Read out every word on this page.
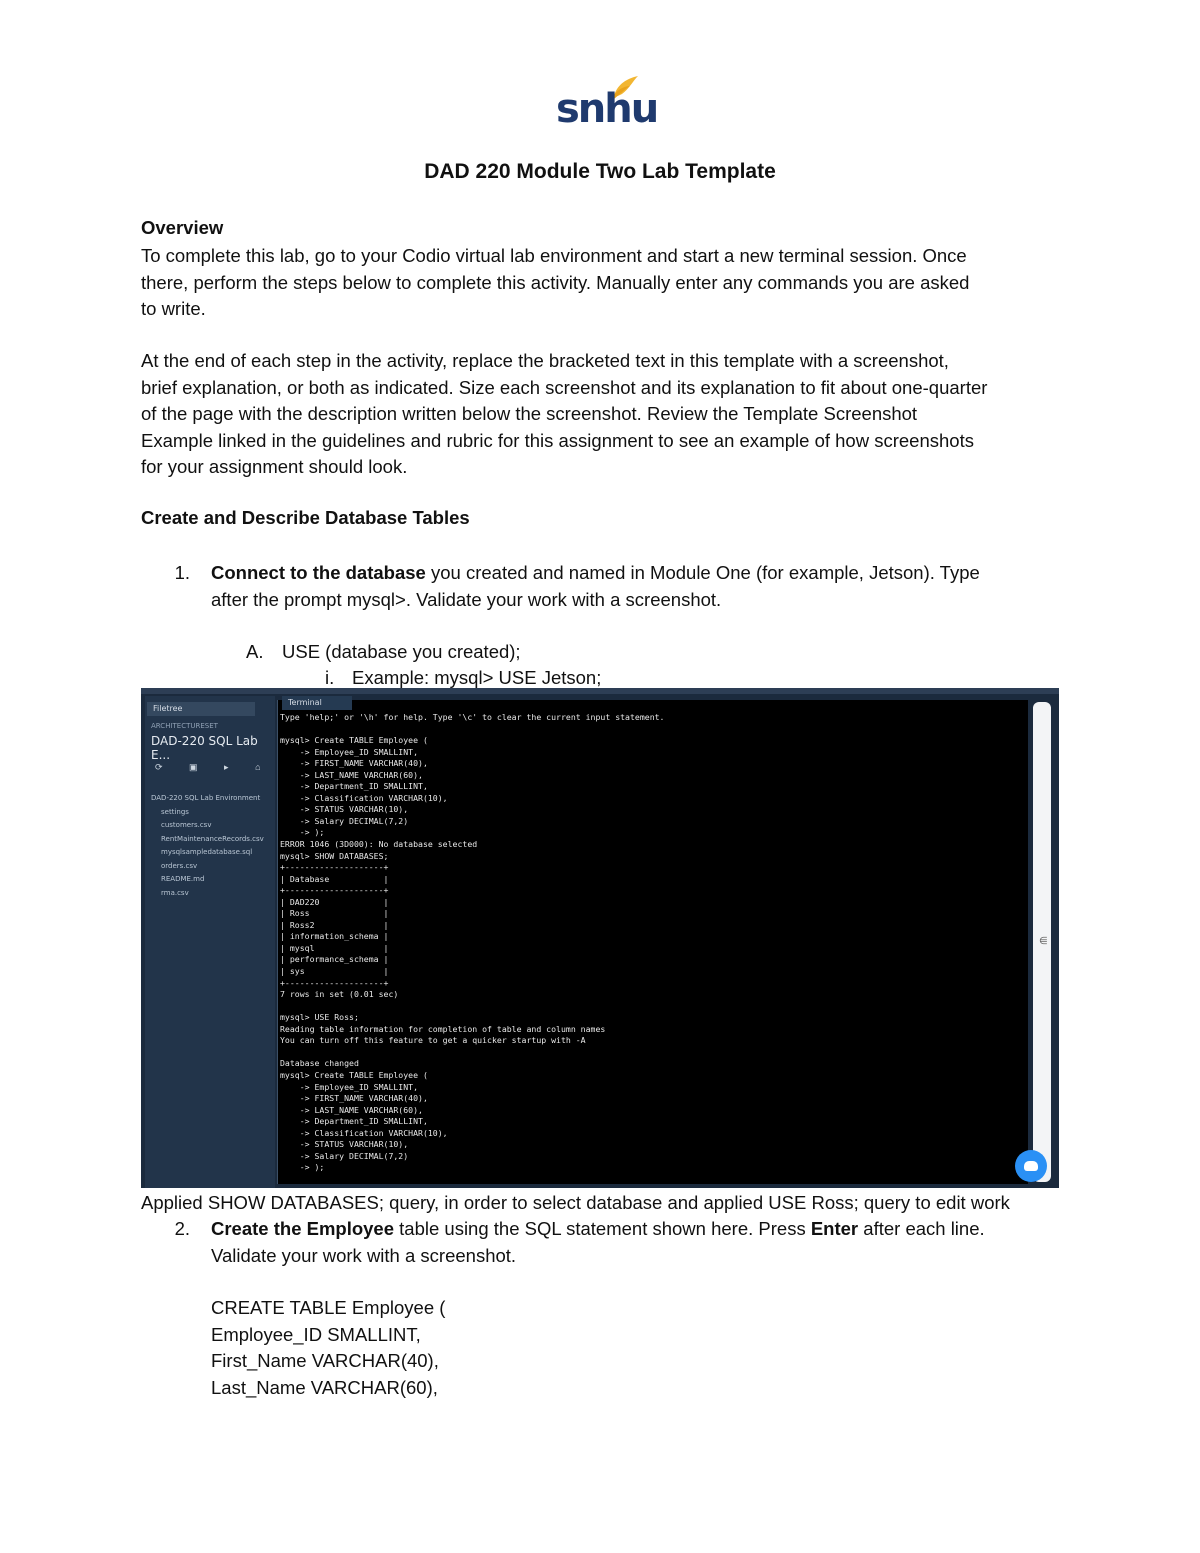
snhu
DAD 220 Module Two Lab Template
Overview
To complete this lab, go to your Codio virtual lab environment and start a new terminal session. Once
there, perform the steps below to complete this activity. Manually enter any commands you are asked
to write.
At the end of each step in the activity, replace the bracketed text in this template with a screenshot,
brief explanation, or both as indicated. Size each screenshot and its explanation to fit about one-quarter
of the page with the description written below the screenshot. Review the Template Screenshot
Example linked in the guidelines and rubric for this assignment to see an example of how screenshots
for your assignment should look.
Create and Describe Database Tables
1. Connect to the database you created and named in Module One (for example, Jetson). Type
after the prompt mysql>. Validate your work with a screenshot.
A. USE (database you created);
i. Example: mysql> USE Jetson;
Filetree
ARCHITECTURESET
DAD-220 SQL Lab E...
⟳ ▣ ▸ ⌂
DAD-220 SQL Lab Environment
settings
customers.csv
RentMaintenanceRecords.csv
mysqlsampledatabase.sql
orders.csv
README.md
rma.csv
Terminal
Type 'help;' or '\h' for help. Type '\c' to clear the current input statement.

mysql> Create TABLE Employee (
-> Employee_ID SMALLINT,
-> FIRST_NAME VARCHAR(40),
-> LAST_NAME VARCHAR(60),
-> Department_ID SMALLINT,
-> Classification VARCHAR(10),
-> STATUS VARCHAR(10),
-> Salary DECIMAL(7,2)
-> );
ERROR 1046 (3D000): No database selected
mysql> SHOW DATABASES;
+--------------------+
| Database           |
+--------------------+
| DAD220             |
| Ross               |
| Ross2              |
| information_schema |
| mysql              |
| performance_schema |
| sys                |
+--------------------+
7 rows in set (0.01 sec)

mysql> USE Ross;
Reading table information for completion of table and column names
You can turn off this feature to get a quicker startup with -A

Database changed
mysql> Create TABLE Employee (
-> Employee_ID SMALLINT,
-> FIRST_NAME VARCHAR(40),
-> LAST_NAME VARCHAR(60),
-> Department_ID SMALLINT,
-> Classification VARCHAR(10),
-> STATUS VARCHAR(10),
-> Salary DECIMAL(7,2)
-> );
⋹
Applied SHOW DATABASES; query, in order to select database and applied USE Ross; query to edit work
2. Create the Employee table using the SQL statement shown here. Press Enter after each line.
Validate your work with a screenshot.
CREATE TABLE Employee (
Employee_ID SMALLINT,
First_Name VARCHAR(40),
Last_Name VARCHAR(60),
